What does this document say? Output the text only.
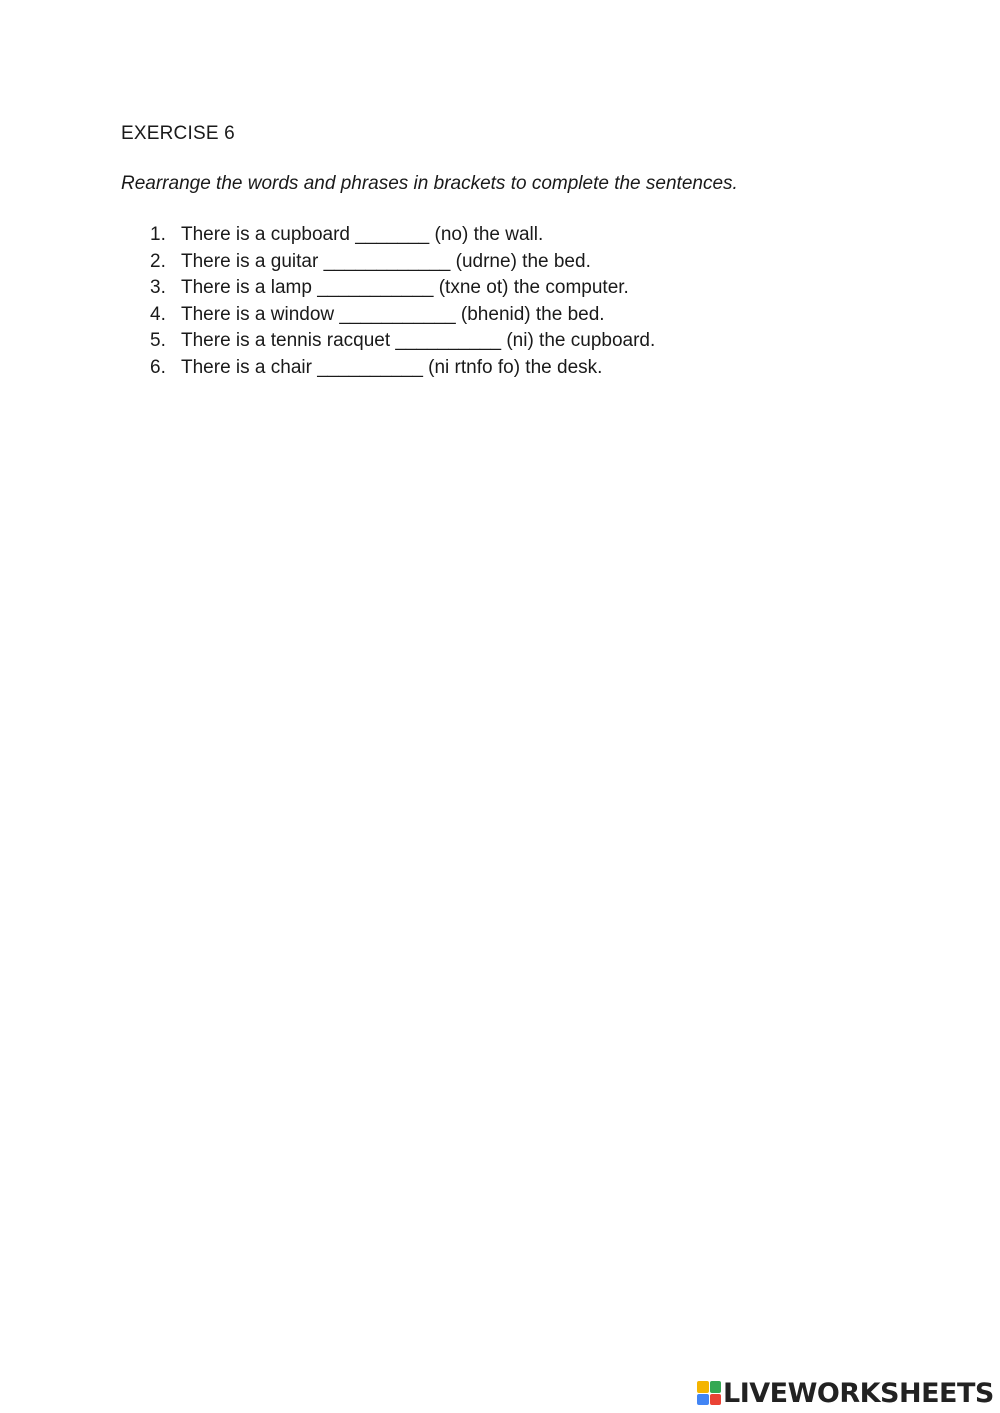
EXERCISE 6
Rearrange the words and phrases in brackets to complete the sentences.
1. There is a cupboard _______ (no) the wall.
2. There is a guitar ____________ (udrne) the bed.
3. There is a lamp ___________ (txne ot) the computer.
4. There is a window ___________ (bhenid) the bed.
5. There is a tennis racquet __________ (ni) the cupboard.
6. There is a chair __________ (ni rtnfo fo) the desk.
LIVEWORKSHEETS
